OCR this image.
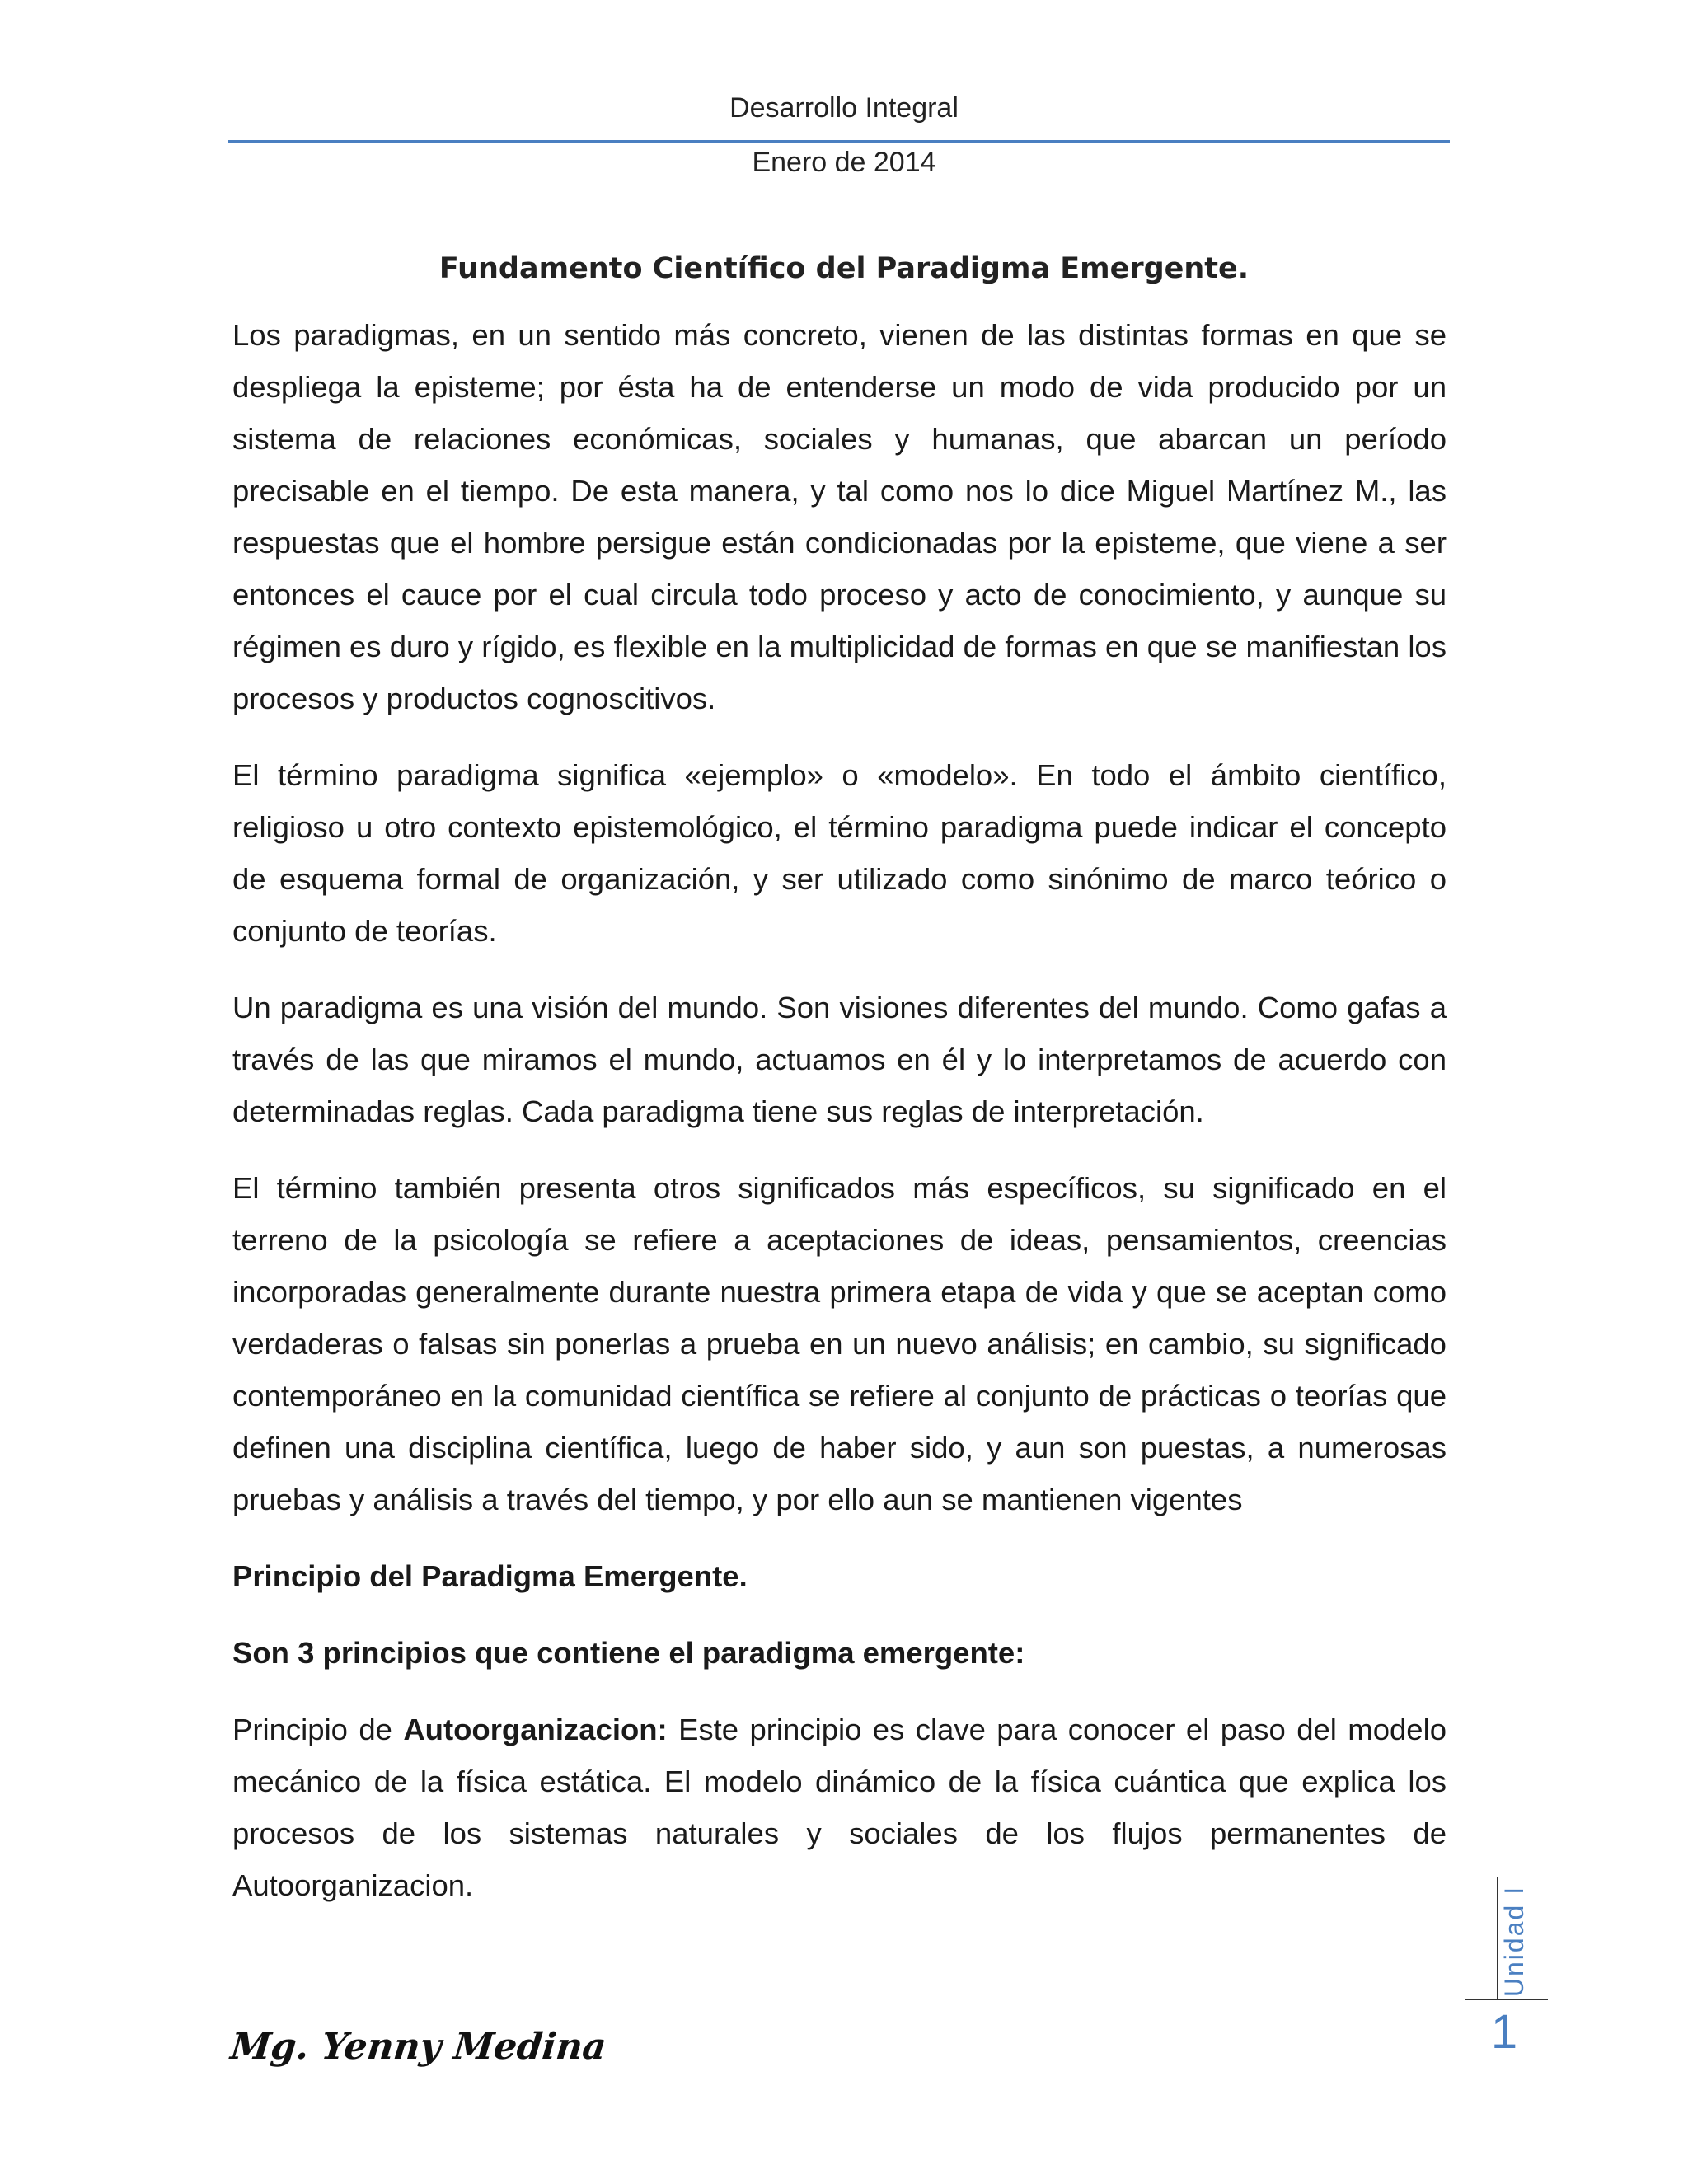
Desarrollo Integral
Enero de 2014
Fundamento Científico del Paradigma Emergente.

Los paradigmas, en un sentido más concreto, vienen de las distintas formas en que se despliega la episteme; por ésta ha de entenderse un modo de vida producido por un sistema de relaciones económicas, sociales y humanas, que abarcan un período precisable en el tiempo. De esta manera, y tal como nos lo dice Miguel Martínez M., las respuestas que el hombre persigue están condicionadas por la episteme, que viene a ser entonces el cauce por el cual circula todo proceso y acto de conocimiento, y aunque su régimen es duro y rígido, es flexible en la multiplicidad de formas en que se manifiestan los procesos y productos cognoscitivos.

El término paradigma significa «ejemplo» o «modelo». En todo el ámbito científico, religioso u otro contexto epistemológico, el término paradigma puede indicar el concepto de esquema formal de organización, y ser utilizado como sinónimo de marco teórico o conjunto de teorías.

Un paradigma es una visión del mundo. Son visiones diferentes del mundo. Como gafas a través de las que miramos el mundo, actuamos en él y lo interpretamos de acuerdo con determinadas reglas. Cada paradigma tiene sus reglas de interpretación.

El término también presenta otros significados más específicos, su significado en el terreno de la psicología se refiere a aceptaciones de ideas, pensamientos, creencias incorporadas generalmente durante nuestra primera etapa de vida y que se aceptan como verdaderas o falsas sin ponerlas a prueba en un nuevo análisis; en cambio, su significado contemporáneo en la comunidad científica se refiere al conjunto de prácticas o teorías que definen una disciplina científica, luego de haber sido, y aun son puestas, a numerosas pruebas y análisis a través del tiempo, y por ello aun se mantienen vigentes

Principio del Paradigma Emergente.

Son 3 principios que contiene el paradigma emergente:

Principio de Autoorganizacion: Este principio es clave para conocer el paso del modelo mecánico de la física estática. El modelo dinámico de la física cuántica que explica los procesos de los sistemas naturales y sociales de los flujos permanentes de Autoorganizacion.	Unidad I
1
Mg. Yenny Medina
